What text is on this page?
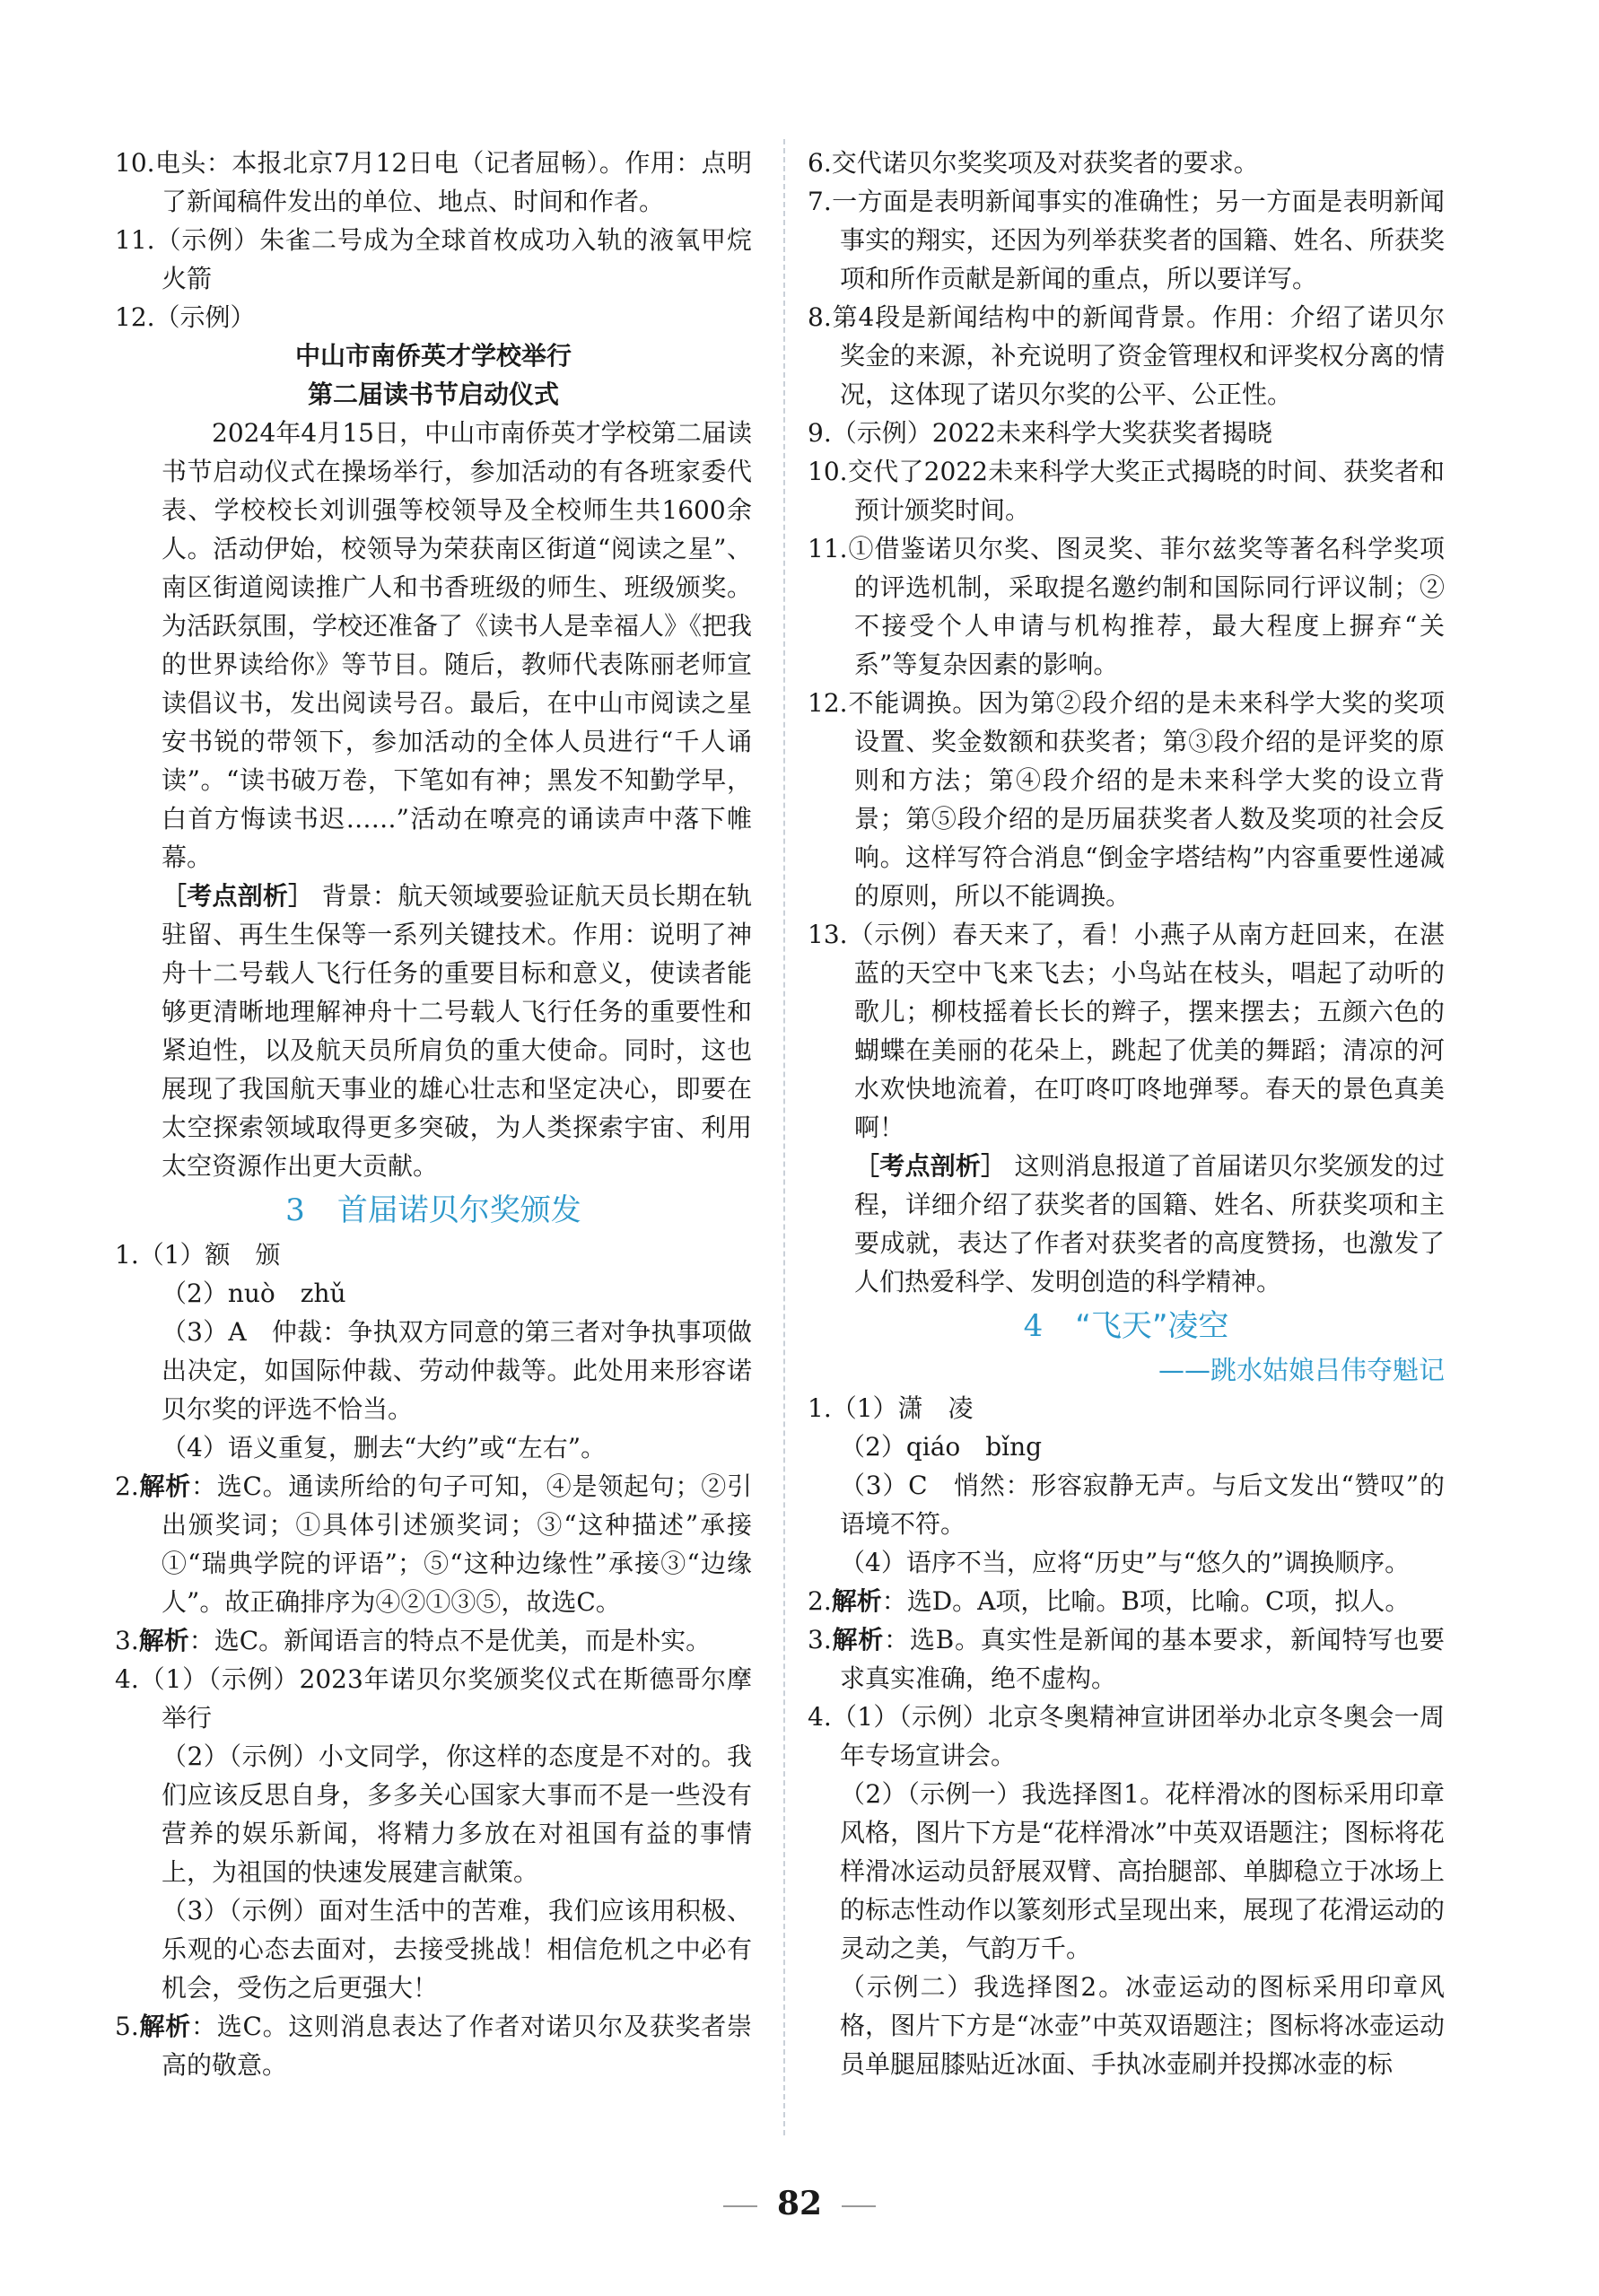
10.电头：本报北京7月12日电（记者屈畅）。作用：点明了新闻稿件发出的单位、地点、时间和作者。

11.（示例）朱雀二号成为全球首枚成功入轨的液氧甲烷火箭

12.（示例）

中山市南侨英才学校举行
第二届读书节启动仪式

2024年4月15日，中山市南侨英才学校第二届读书节启动仪式在操场举行，参加活动的有各班家委代表、学校校长刘训强等校领导及全校师生共1600余人。活动伊始，校领导为荣获南区街道“阅读之星”、南区街道阅读推广人和书香班级的师生、班级颁奖。为活跃氛围，学校还准备了《读书人是幸福人》《把我的世界读给你》等节目。随后，教师代表陈丽老师宣读倡议书，发出阅读号召。最后，在中山市阅读之星安书锐的带领下，参加活动的全体人员进行“千人诵读”。“读书破万卷，下笔如有神；黑发不知勤学早，白首方悔读书迟……”活动在嘹亮的诵读声中落下帷幕。

［考点剖析］ 背景：航天领域要验证航天员长期在轨驻留、再生生保等一系列关键技术。作用：说明了神舟十二号载人飞行任务的重要目标和意义，使读者能够更清晰地理解神舟十二号载人飞行任务的重要性和紧迫性，以及航天员所肩负的重大使命。同时，这也展现了我国航天事业的雄心壮志和坚定决心，即要在太空探索领域取得更多突破，为人类探索宇宙、利用太空资源作出更大贡献。

3 首届诺贝尔奖颁发

1.（1）额　颁

（2）nuò　zhǔ

（3）A　仲裁：争执双方同意的第三者对争执事项做出决定，如国际仲裁、劳动仲裁等。此处用来形容诺贝尔奖的评选不恰当。

（4）语义重复，删去“大约”或“左右”。

2.解析：选C。通读所给的句子可知，④是领起句；②引出颁奖词；①具体引述颁奖词；③“这种描述”承接①“瑞典学院的评语”；⑤“这种边缘性”承接③“边缘人”。故正确排序为④②①③⑤，故选C。

3.解析：选C。新闻语言的特点不是优美，而是朴实。

4.（1）（示例）2023年诺贝尔奖颁奖仪式在斯德哥尔摩举行

（2）（示例）小文同学，你这样的态度是不对的。我们应该反思自身，多多关心国家大事而不是一些没有营养的娱乐新闻，将精力多放在对祖国有益的事情上，为祖国的快速发展建言献策。

（3）（示例）面对生活中的苦难，我们应该用积极、乐观的心态去面对，去接受挑战！相信危机之中必有机会，受伤之后更强大！

5.解析：选C。这则消息表达了作者对诺贝尔及获奖者崇高的敬意。

6.交代诺贝尔奖奖项及对获奖者的要求。

7.一方面是表明新闻事实的准确性；另一方面是表明新闻事实的翔实，还因为列举获奖者的国籍、姓名、所获奖项和所作贡献是新闻的重点，所以要详写。

8.第4段是新闻结构中的新闻背景。作用：介绍了诺贝尔奖金的来源，补充说明了资金管理权和评奖权分离的情况，这体现了诺贝尔奖的公平、公正性。

9.（示例）2022未来科学大奖获奖者揭晓

10.交代了2022未来科学大奖正式揭晓的时间、获奖者和预计颁奖时间。

11.①借鉴诺贝尔奖、图灵奖、菲尔兹奖等著名科学奖项的评选机制，采取提名邀约制和国际同行评议制；②不接受个人申请与机构推荐，最大程度上摒弃“关系”等复杂因素的影响。

12.不能调换。因为第②段介绍的是未来科学大奖的奖项设置、奖金数额和获奖者；第③段介绍的是评奖的原则和方法；第④段介绍的是未来科学大奖的设立背景；第⑤段介绍的是历届获奖者人数及奖项的社会反响。这样写符合消息“倒金字塔结构”内容重要性递减的原则，所以不能调换。

13.（示例）春天来了，看！小燕子从南方赶回来，在湛蓝的天空中飞来飞去；小鸟站在枝头，唱起了动听的歌儿；柳枝摇着长长的辫子，摆来摆去；五颜六色的蝴蝶在美丽的花朵上，跳起了优美的舞蹈；清凉的河水欢快地流着，在叮咚叮咚地弹琴。春天的景色真美啊！

［考点剖析］ 这则消息报道了首届诺贝尔奖颁发的过程，详细介绍了获奖者的国籍、姓名、所获奖项和主要成就，表达了作者对获奖者的高度赞扬，也激发了人们热爱科学、发明创造的科学精神。

4 “飞天”凌空
——跳水姑娘吕伟夺魁记

1.（1）潇　凌

（2）qiáo　bǐng

（3）C　悄然：形容寂静无声。与后文发出“赞叹”的语境不符。

（4）语序不当，应将“历史”与“悠久的”调换顺序。

2.解析：选D。A项，比喻。B项，比喻。C项，拟人。

3.解析：选B。真实性是新闻的基本要求，新闻特写也要求真实准确，绝不虚构。

4.（1）（示例）北京冬奥精神宣讲团举办北京冬奥会一周年专场宣讲会。

（2）（示例一）我选择图1。花样滑冰的图标采用印章风格，图片下方是“花样滑冰”中英双语题注；图标将花样滑冰运动员舒展双臂、高抬腿部、单脚稳立于冰场上的标志性动作以篆刻形式呈现出来，展现了花滑运动的灵动之美，气韵万千。

（示例二）我选择图2。冰壶运动的图标采用印章风格，图片下方是“冰壶”中英双语题注；图标将冰壶运动员单腿屈膝贴近冰面、手执冰壶刷并投掷冰壶的标

82
